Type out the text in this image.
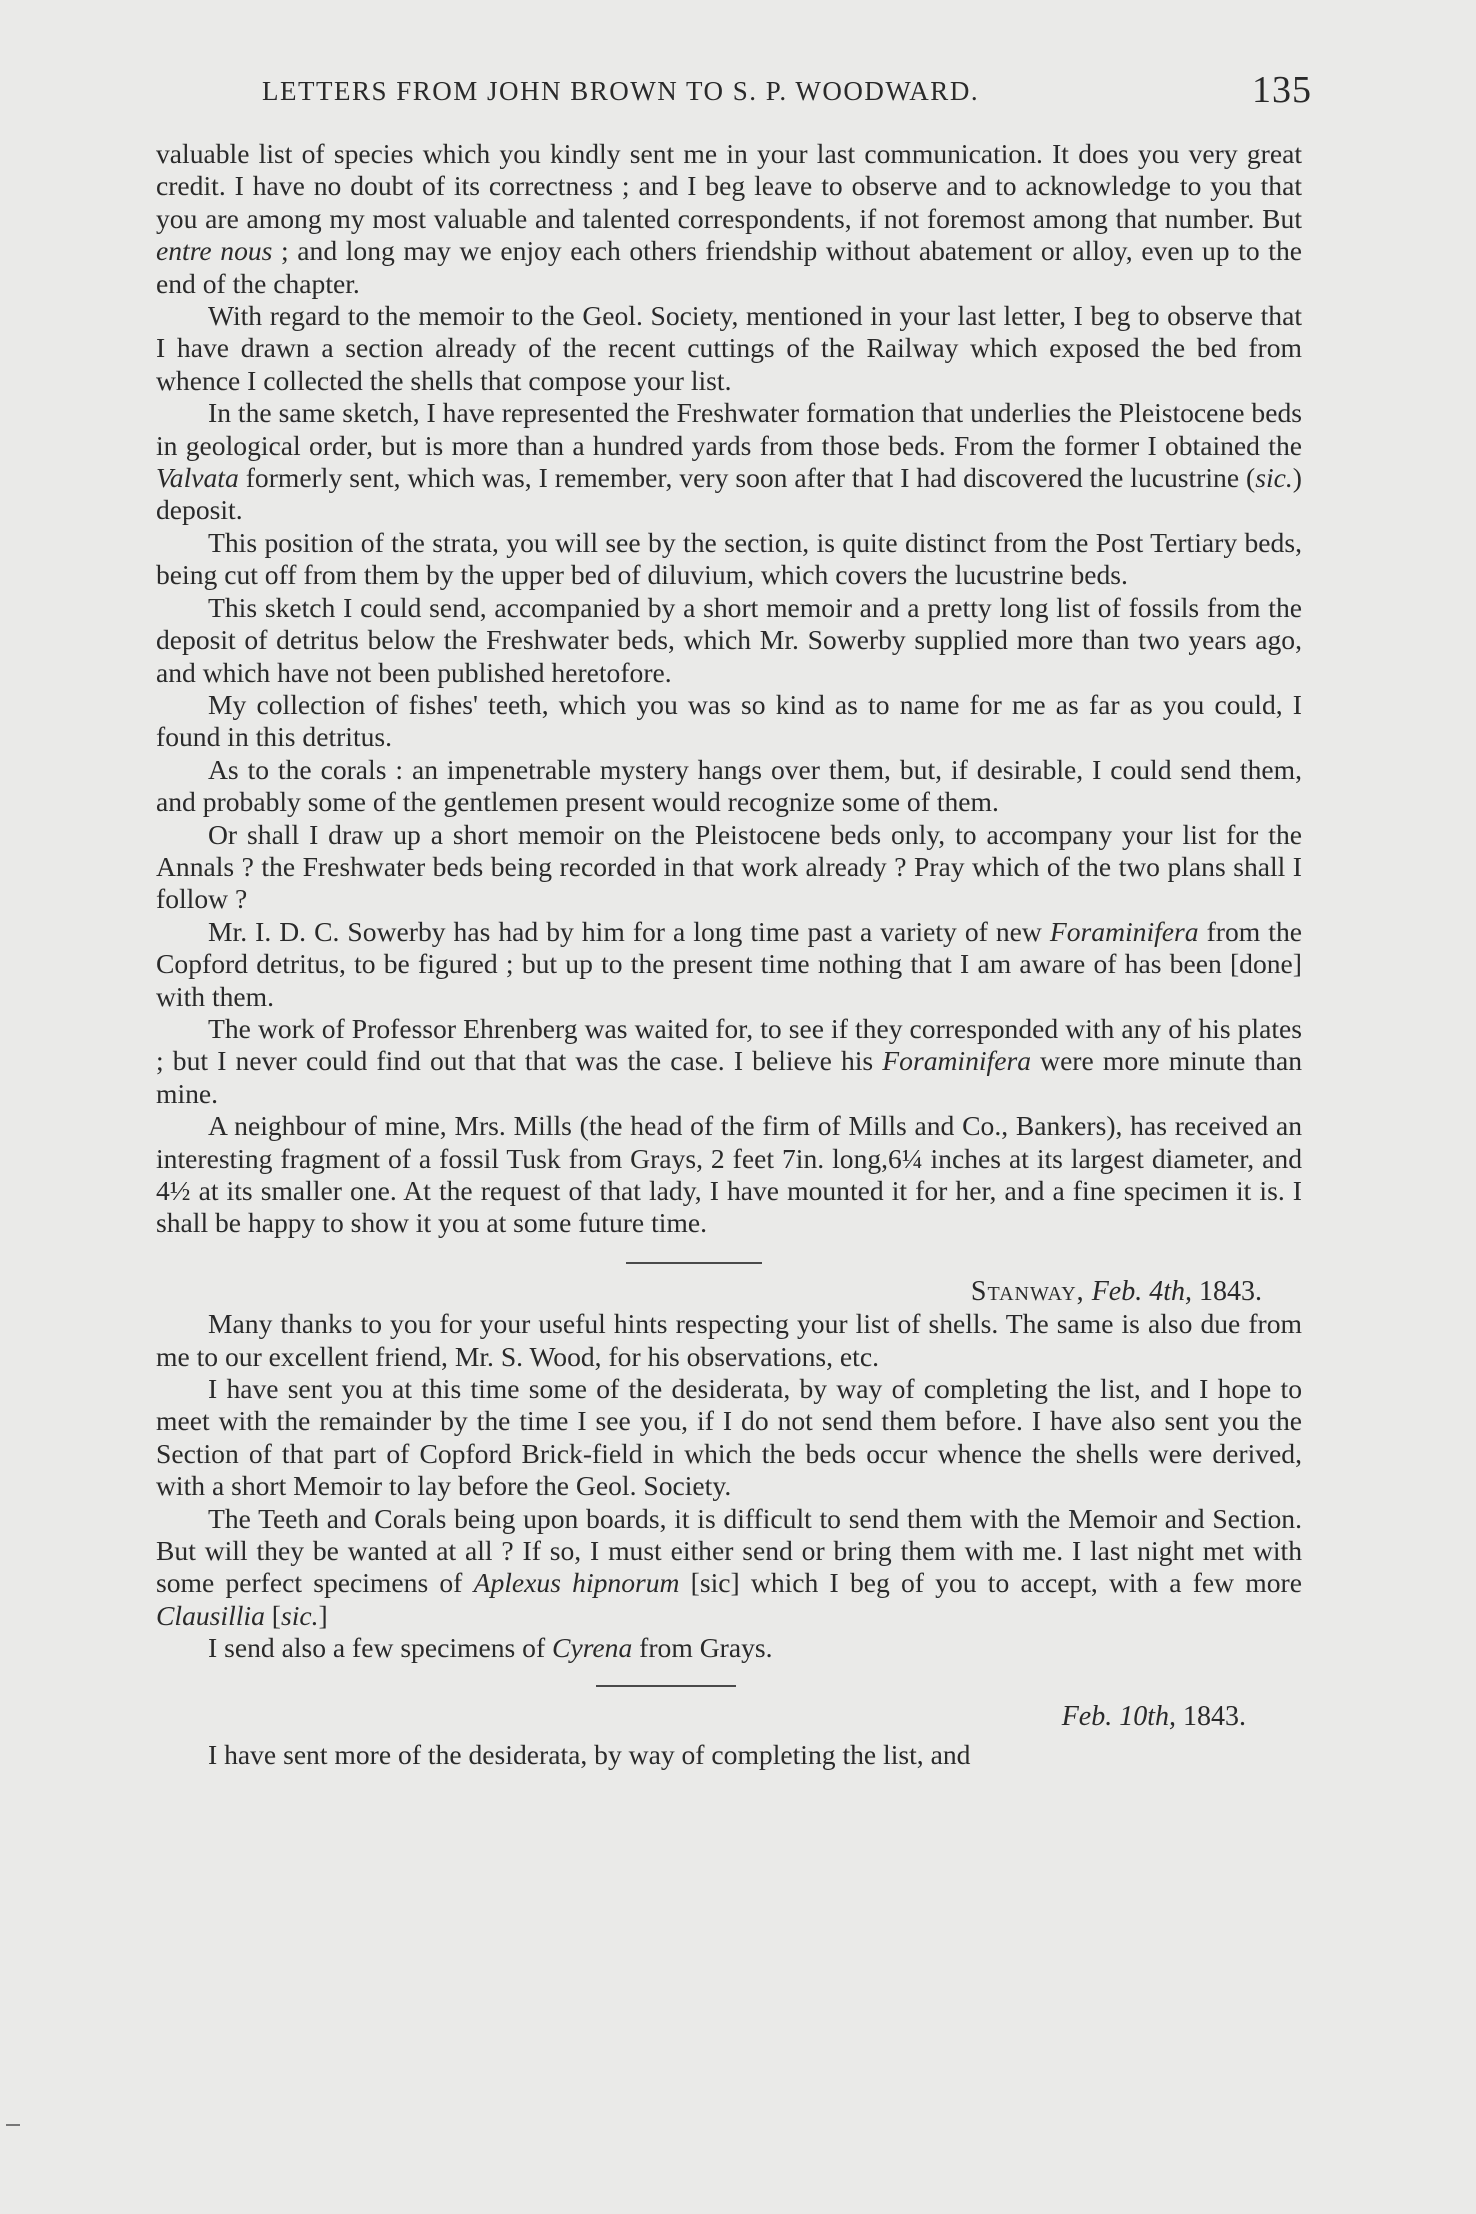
LETTERS FROM JOHN BROWN TO S. P. WOODWARD.	135

valuable list of species which you kindly sent me in your last communication. It does you very great credit. I have no doubt of its correctness ; and I beg leave to observe and to acknowledge to you that you are among my most valuable and talented correspondents, if not foremost among that number. But entre nous ; and long may we enjoy each others friendship without abatement or alloy, even up to the end of the chapter.

With regard to the memoir to the Geol. Society, mentioned in your last letter, I beg to observe that I have drawn a section already of the recent cuttings of the Railway which exposed the bed from whence I collected the shells that compose your list.

In the same sketch, I have represented the Freshwater formation that underlies the Pleistocene beds in geological order, but is more than a hundred yards from those beds. From the former I obtained the Valvata formerly sent, which was, I remember, very soon after that I had discovered the lucustrine (sic.) deposit.

This position of the strata, you will see by the section, is quite distinct from the Post Tertiary beds, being cut off from them by the upper bed of diluvium, which covers the lucustrine beds.

This sketch I could send, accompanied by a short memoir and a pretty long list of fossils from the deposit of detritus below the Freshwater beds, which Mr. Sowerby supplied more than two years ago, and which have not been published heretofore.

My collection of fishes' teeth, which you was so kind as to name for me as far as you could, I found in this detritus.

As to the corals : an impenetrable mystery hangs over them, but, if desirable, I could send them, and probably some of the gentlemen present would recognize some of them.

Or shall I draw up a short memoir on the Pleistocene beds only, to accompany your list for the Annals ? the Freshwater beds being recorded in that work already ? Pray which of the two plans shall I follow ?

Mr. I. D. C. Sowerby has had by him for a long time past a variety of new Foraminifera from the Copford detritus, to be figured ; but up to the present time nothing that I am aware of has been [done] with them.

The work of Professor Ehrenberg was waited for, to see if they corresponded with any of his plates ; but I never could find out that that was the case. I believe his Foraminifera were more minute than mine.

A neighbour of mine, Mrs. Mills (the head of the firm of Mills and Co., Bankers), has received an interesting fragment of a fossil Tusk from Grays, 2 feet 7in. long,6¼ inches at its largest diameter, and 4½ at its smaller one. At the request of that lady, I have mounted it for her, and a fine specimen it is. I shall be happy to show it you at some future time.

Stanway, Feb. 4th, 1843.

Many thanks to you for your useful hints respecting your list of shells. The same is also due from me to our excellent friend, Mr. S. Wood, for his observations, etc.

I have sent you at this time some of the desiderata, by way of completing the list, and I hope to meet with the remainder by the time I see you, if I do not send them before. I have also sent you the Section of that part of Copford Brick-field in which the beds occur whence the shells were derived, with a short Memoir to lay before the Geol. Society.

The Teeth and Corals being upon boards, it is difficult to send them with the Memoir and Section. But will they be wanted at all ? If so, I must either send or bring them with me. I last night met with some perfect specimens of Aplexus hipnorum [sic] which I beg of you to accept, with a few more Clausillia [sic.]

I send also a few specimens of Cyrena from Grays.

Feb. 10th, 1843.

I have sent more of the desiderata, by way of completing the list, and
